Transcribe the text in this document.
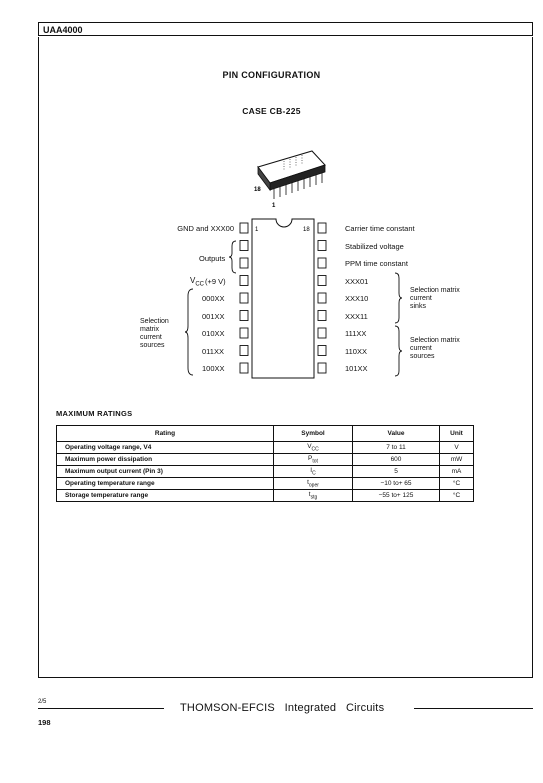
UAA4000
PIN CONFIGURATION
CASE CB-225
18
1
1	18
GND and XXX00
(+9 V)
000XX
001XX
010XX
011XX
100XX
Carrier time constant
Stabilized voltage
PPM time constant
XXX01
XXX10
XXX11
111XX
110XX
101XX
Outputs
$V_{CC}$
Selection
matrix
current
sources
Selection matrix
current
sinks
Selection matrix
current
sources
MAXIMUM RATINGS
Rating	Symbol	Value	Unit
Operating voltage range, V4	$V_{CC}$	7 to 11	V
Maximum power dissipation	$P_{tot}$	600	mW
Maximum output current (Pin 3)	$I_C$	5	mA
Operating temperature range	$t_{oper}$	−10 to+ 65	°C
Storage temperature range	$t_{stg}$	−55 to+ 125	°C
2/5	THOMSON-EFCIS Integrated Circuits
198
